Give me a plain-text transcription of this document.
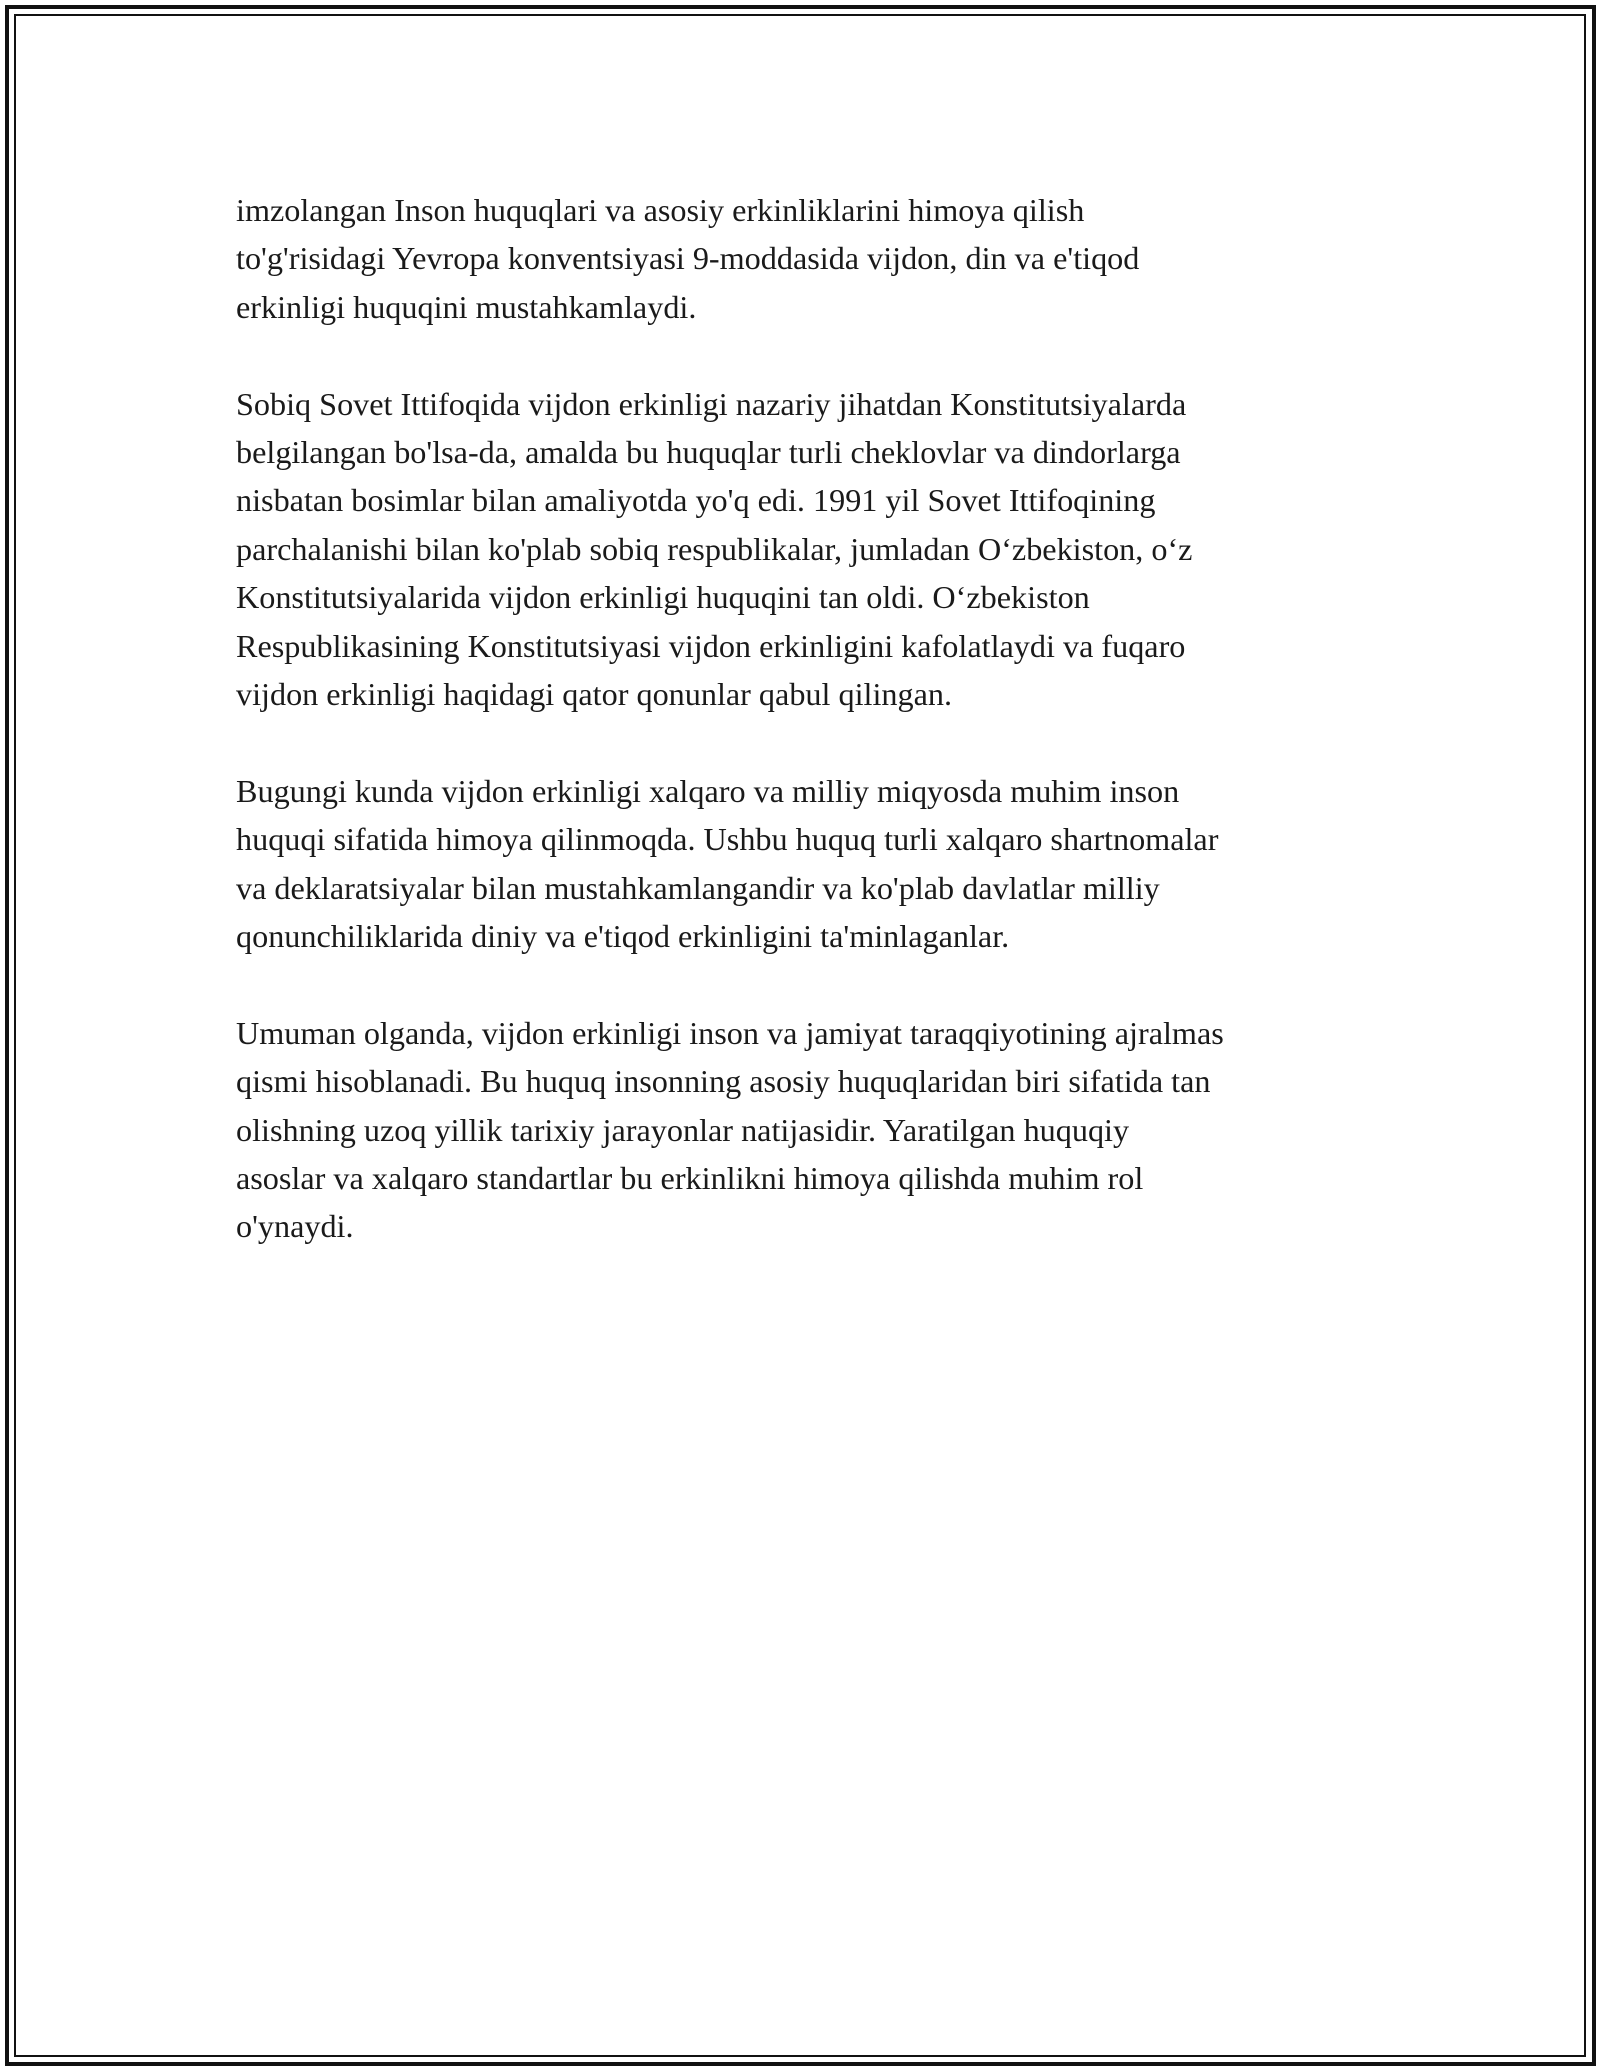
imzolangan Inson huquqlari va asosiy erkinliklarini himoya qilish
to'g'risidagi Yevropa konventsiyasi 9-moddasida vijdon, din va e'tiqod
erkinligi huquqini mustahkamlaydi.

Sobiq Sovet Ittifoqida vijdon erkinligi nazariy jihatdan Konstitutsiyalarda
belgilangan bo'lsa-da, amalda bu huquqlar turli cheklovlar va dindorlarga
nisbatan bosimlar bilan amaliyotda yo'q edi. 1991 yil Sovet Ittifoqining
parchalanishi bilan ko'plab sobiq respublikalar, jumladan Oʻzbekiston, oʻz
Konstitutsiyalarida vijdon erkinligi huquqini tan oldi. Oʻzbekiston
Respublikasining Konstitutsiyasi vijdon erkinligini kafolatlaydi va fuqaro
vijdon erkinligi haqidagi qator qonunlar qabul qilingan.

Bugungi kunda vijdon erkinligi xalqaro va milliy miqyosda muhim inson
huquqi sifatida himoya qilinmoqda. Ushbu huquq turli xalqaro shartnomalar
va deklaratsiyalar bilan mustahkamlangandir va ko'plab davlatlar milliy
qonunchiliklarida diniy va e'tiqod erkinligini ta'minlaganlar.

Umuman olganda, vijdon erkinligi inson va jamiyat taraqqiyotining ajralmas
qismi hisoblanadi. Bu huquq insonning asosiy huquqlaridan biri sifatida tan
olishning uzoq yillik tarixiy jarayonlar natijasidir. Yaratilgan huquqiy
asoslar va xalqaro standartlar bu erkinlikni himoya qilishda muhim rol
o'ynaydi.
